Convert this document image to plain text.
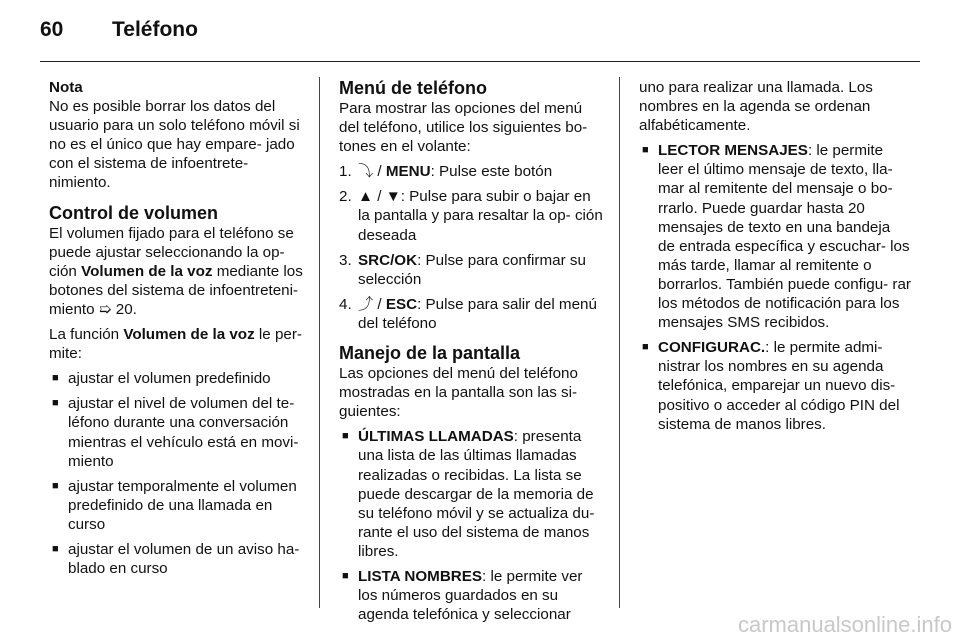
60 Teléfono

Nota
No es posible borrar los datos del usuario para un solo teléfono móvil si no es el único que hay empare- jado con el sistema de infoentrete- nimiento.

Control de volumen

El volumen fijado para el teléfono se puede ajustar seleccionando la op- ción Volumen de la voz mediante los botones del sistema de infoentreteni- miento ➯ 20.

La función Volumen de la voz le per- mite:

■ ajustar el volumen predefinido
■ ajustar el nivel de volumen del te- léfono durante una conversación mientras el vehículo está en movi- miento
■ ajustar temporalmente el volumen predefinido de una llamada en curso
■ ajustar el volumen de un aviso ha- blado en curso
Menú de teléfono

Para mostrar las opciones del menú del teléfono, utilice los siguientes bo- tones en el volante:

1. ⤵ / MENU: Pulse este botón
2. ▲ / ▼: Pulse para subir o bajar en la pantalla y para resaltar la op- ción deseada
3. SRC/OK: Pulse para confirmar su selección
4. ⤴ / ESC: Pulse para salir del menú del teléfono
Manejo de la pantalla

Las opciones del menú del teléfono mostradas en la pantalla son las si- guientes:

■ ÚLTIMAS LLAMADAS: presenta una lista de las últimas llamadas realizadas o recibidas. La lista se puede descargar de la memoria de su teléfono móvil y se actualiza du- rante el uso del sistema de manos libres.
■ LISTA NOMBRES: le permite ver los números guardados en su agenda telefónica y seleccionar

uno para realizar una llamada. Los nombres en la agenda se ordenan alfabéticamente.

■ LECTOR MENSAJES: le permite leer el último mensaje de texto, lla- mar al remitente del mensaje o bo- rrarlo. Puede guardar hasta 20 mensajes de texto en una bandeja de entrada específica y escuchar- los más tarde, llamar al remitente o borrarlos. También puede configu- rar los métodos de notificación para los mensajes SMS recibidos.
■ CONFIGURAC.: le permite admi- nistrar los nombres en su agenda telefónica, emparejar un nuevo dis- positivo o acceder al código PIN del sistema de manos libres.
carmanualsonline.info
